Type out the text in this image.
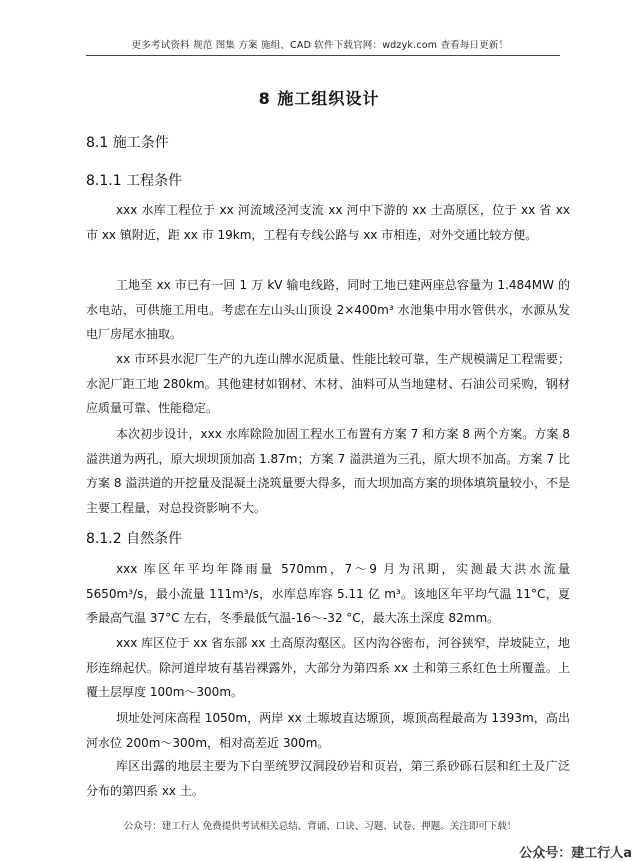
更多考试资料 规范 图集 方案 施组、CAD 软件下载官网：wdzyk.com 查看每日更新！
8 施工组织设计
8.1 施工条件
8.1.1 工程条件
xxx 水库工程位于 xx 河流域泾河支流 xx 河中下游的 xx 土高原区，位于 xx 省 xx 市 xx 镇附近，距 xx 市 19km，工程有专线公路与 xx 市相连，对外交通比较方便。
工地至 xx 市已有一回 1 万 kV 输电线路，同时工地已建两座总容量为 1.484MW 的水电站，可供施工用电。考虑在左山头山顶设 2×400m³ 水池集中用水管供水，水源从发电厂房尾水抽取。
xx 市环县水泥厂生产的九连山牌水泥质量、性能比较可靠，生产规模满足工程需要；水泥厂距工地 280km。其他建材如钢材、木材、油料可从当地建材、石油公司采购，钢材应质量可靠、性能稳定。
本次初步设计，xxx 水库除险加固工程水工布置有方案 7 和方案 8 两个方案。方案 8 溢洪道为两孔，原大坝坝顶加高 1.87m；方案 7 溢洪道为三孔，原大坝不加高。方案 7 比方案 8 溢洪道的开挖量及混凝土浇筑量要大得多，而大坝加高方案的坝体填筑量较小，不是主要工程量，对总投资影响不大。
8.1.2 自然条件
xxx 库区年平均年降雨量 570mm，7～9 月为汛期，实测最大洪水流量 5650m³/s，最小流量 111m³/s，水库总库容 5.11 亿 m³。该地区年平均气温 11°C，夏季最高气温 37°C 左右，冬季最低气温-16～-32 °C，最大冻土深度 82mm。
xxx 库区位于 xx 省东部 xx 土高原沟壑区。区内沟谷密布，河谷狭窄，岸坡陡立，地形连绵起伏。除河道岸坡有基岩裸露外，大部分为第四系 xx 土和第三系红色土所覆盖。上覆土层厚度 100m～300m。
坝址处河床高程 1050m，两岸 xx 土塬坡直达塬顶，塬顶高程最高为 1393m，高出河水位 200m～300m，相对高差近 300m。
库区出露的地层主要为下白垩统罗汉洞段砂岩和页岩，第三系砂砾石层和红土及广泛分布的第四系 xx 土。
公众号：建工行人 免费提供考试相关总结、背诵、口诀、习题、试卷、押题。关注即可下载！
公众号：建工行人a
